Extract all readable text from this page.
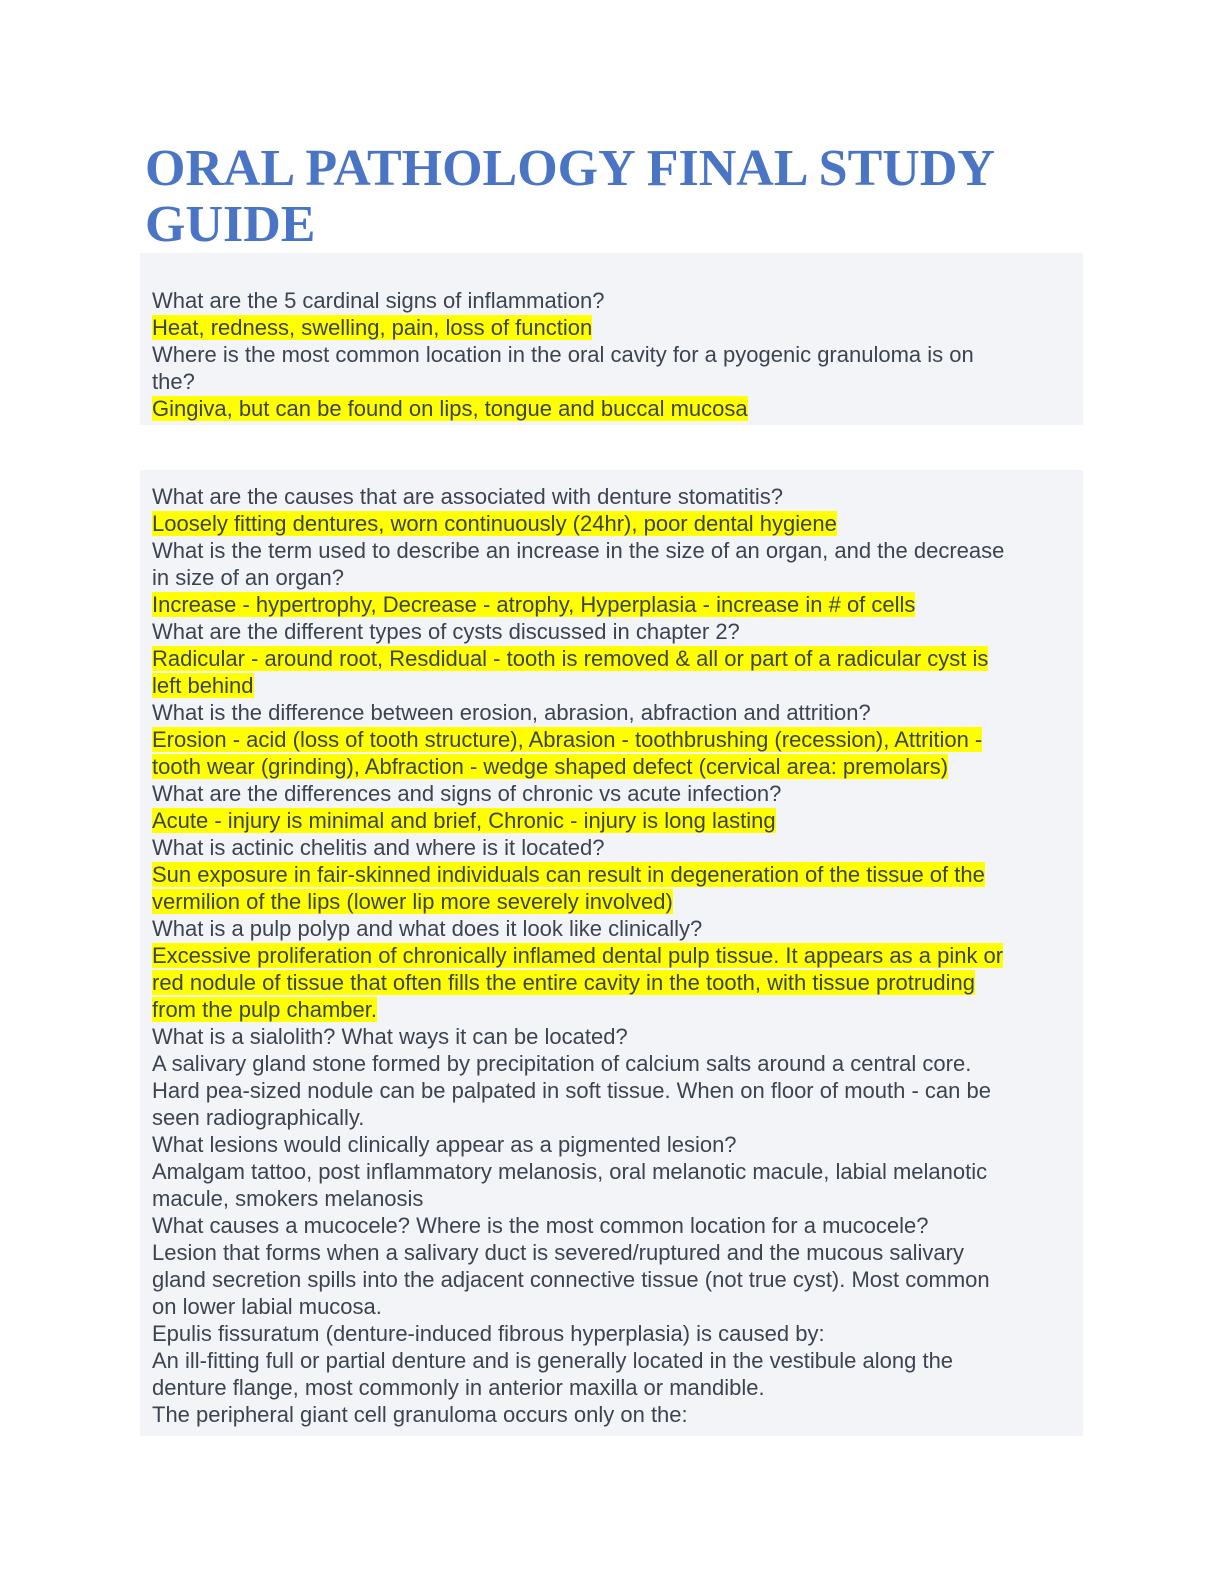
ORAL PATHOLOGY FINAL STUDY
GUIDE
What are the 5 cardinal signs of inflammation?
Heat, redness, swelling, pain, loss of function
Where is the most common location in the oral cavity for a pyogenic granuloma is on
the?
Gingiva, but can be found on lips, tongue and buccal mucosa
What are the causes that are associated with denture stomatitis?
Loosely fitting dentures, worn continuously (24hr), poor dental hygiene
What is the term used to describe an increase in the size of an organ, and the decrease
in size of an organ?
Increase - hypertrophy, Decrease - atrophy, Hyperplasia - increase in # of cells
What are the different types of cysts discussed in chapter 2?
Radicular - around root, Resdidual - tooth is removed & all or part of a radicular cyst is
left behind
What is the difference between erosion, abrasion, abfraction and attrition?
Erosion - acid (loss of tooth structure), Abrasion - toothbrushing (recession), Attrition -
tooth wear (grinding), Abfraction - wedge shaped defect (cervical area: premolars)
What are the differences and signs of chronic vs acute infection?
Acute - injury is minimal and brief, Chronic - injury is long lasting
What is actinic chelitis and where is it located?
Sun exposure in fair-skinned individuals can result in degeneration of the tissue of the
vermilion of the lips (lower lip more severely involved)
What is a pulp polyp and what does it look like clinically?
Excessive proliferation of chronically inflamed dental pulp tissue. It appears as a pink or
red nodule of tissue that often fills the entire cavity in the tooth, with tissue protruding
from the pulp chamber.
What is a sialolith? What ways it can be located?
A salivary gland stone formed by precipitation of calcium salts around a central core.
Hard pea-sized nodule can be palpated in soft tissue. When on floor of mouth - can be
seen radiographically.
What lesions would clinically appear as a pigmented lesion?
Amalgam tattoo, post inflammatory melanosis, oral melanotic macule, labial melanotic
macule, smokers melanosis
What causes a mucocele? Where is the most common location for a mucocele?
Lesion that forms when a salivary duct is severed/ruptured and the mucous salivary
gland secretion spills into the adjacent connective tissue (not true cyst). Most common
on lower labial mucosa.
Epulis fissuratum (denture-induced fibrous hyperplasia) is caused by:
An ill-fitting full or partial denture and is generally located in the vestibule along the
denture flange, most commonly in anterior maxilla or mandible.
The peripheral giant cell granuloma occurs only on the:
